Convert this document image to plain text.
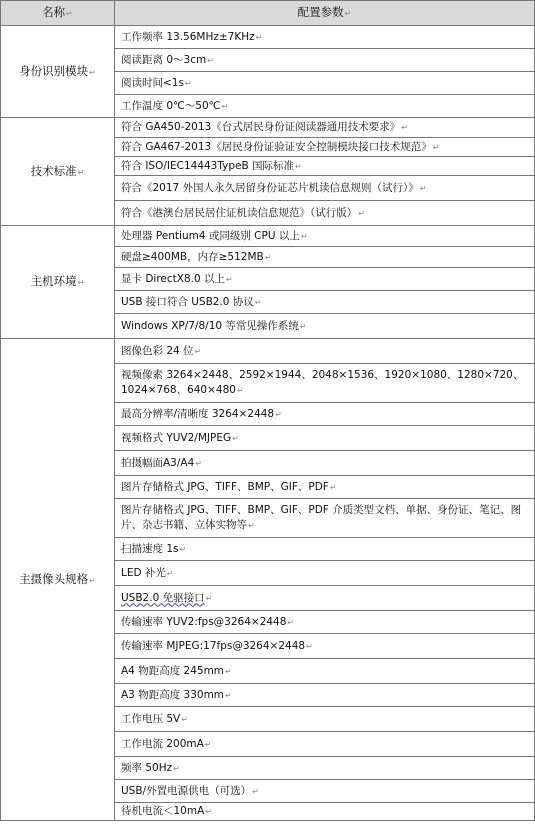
名称↵	配置参数↵
身份识别模块↵	工作频率 13.56MHz±7KHz↵
	阅读距离 0～3cm↵
	阅读时间<1s↵
	工作温度 0℃～50℃↵
技术标准↵	符合 GA450-2013《台式居民身份证阅读器通用技术要求》↵
	符合 GA467-2013《居民身份证验证安全控制模块接口技术规范》↵
	符合 ISO/IEC14443TypeB 国际标准↵
	符合《2017 外国人永久居留身份证芯片机读信息规则（试行）》↵
	符合《港澳台居民居住证机读信息规范》（试行版）↵
主机环境↵	处理器 Pentium4 或同级别 CPU 以上↵
	硬盘≥400MB，内存≥512MB↵
	显卡 DirectX8.0 以上↵
	USB 接口符合 USB2.0 协议↵
	Windows XP/7/8/10 等常见操作系统↵
主摄像头规格↵	图像色彩 24 位↵
	视频像素 3264×2448、2592×1944、2048×1536、1920×1080、1280×720、1024×768、640×480↵
	最高分辨率/清晰度 3264×2448↵
	视频格式 YUV2/MJPEG↵
	拍摄幅面A3/A4↵
	图片存储格式 JPG、TIFF、BMP、GIF、PDF↵
	图片存储格式 JPG、TIFF、BMP、GIF、PDF 介质类型文档、单据、身份证、笔记、图片、杂志书籍、立体实物等↵
	扫描速度 1s↵
	LED 补光↵
	USB2.0 免驱接口↵
	传输速率 YUV2:fps@3264×2448↵
	传输速率 MJPEG:17fps@3264×2448↵
	A4 物距高度 245mm↵
	A3 物距高度 330mm↵
	工作电压 5V↵
	工作电流 200mA↵
	频率 50Hz↵
	USB/外置电源供电（可选）↵
	待机电流＜10mA↵
